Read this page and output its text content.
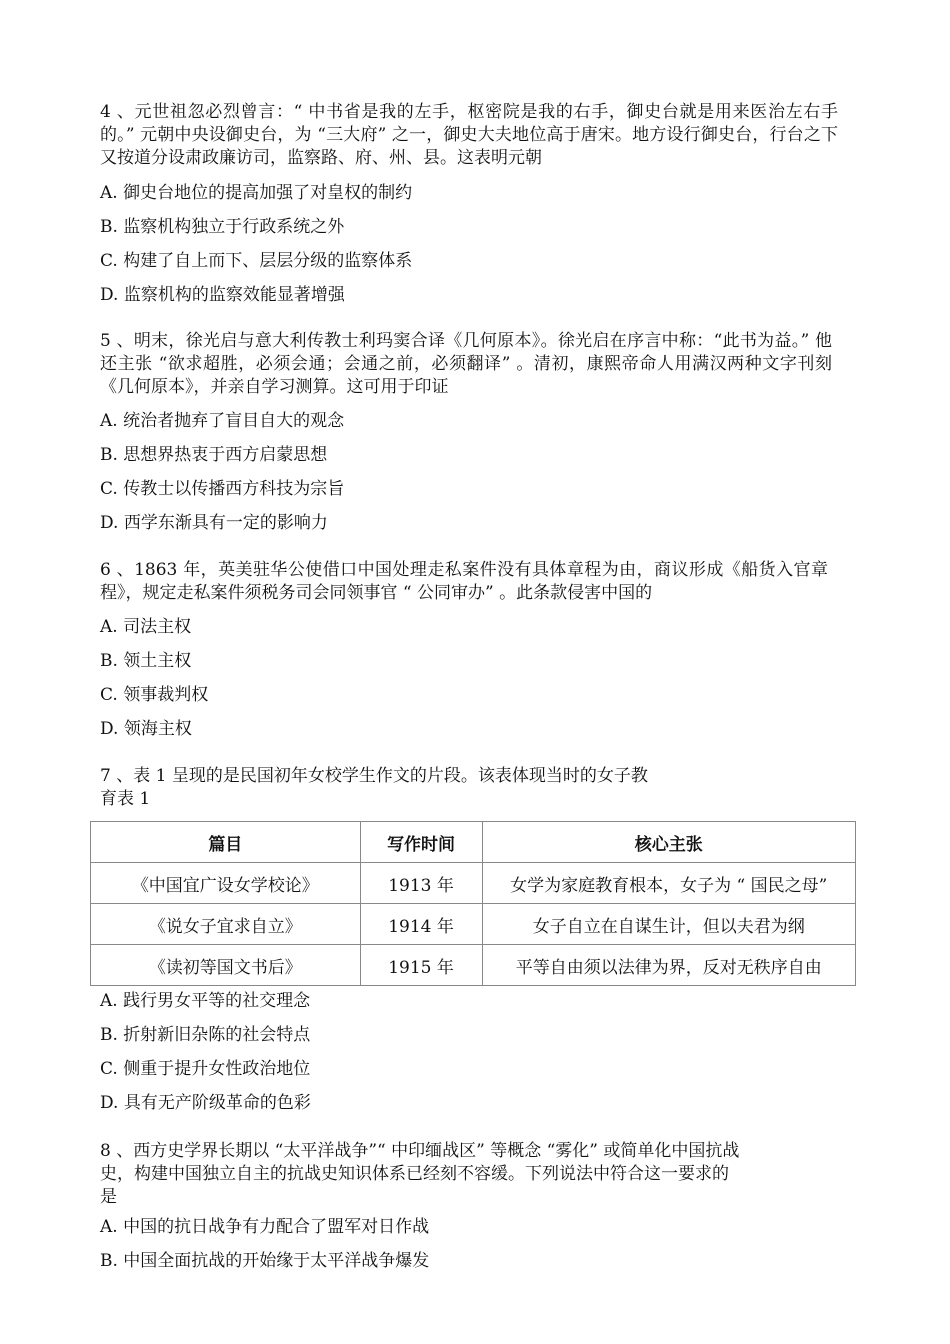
4 、元世祖忽必烈曾言：“ 中书省是我的左手，枢密院是我的右手，御史台就是用来医治左右手的。” 元朝中央设御史台，为 “三大府” 之一，御史大夫地位高于唐宋。地方设行御史台，行台之下又按道分设肃政廉访司，监察路、府、州、县。这表明元朝

A. 御史台地位的提高加强了对皇权的制约

B. 监察机构独立于行政系统之外

C. 构建了自上而下、层层分级的监察体系

D. 监察机构的监察效能显著增强

5 、明末，徐光启与意大利传教士利玛窦合译《几何原本》。徐光启在序言中称：“此书为益。” 他还主张 “欲求超胜，必须会通；会通之前，必须翻译” 。清初，康熙帝命人用满汉两种文字刊刻《几何原本》，并亲自学习测算。这可用于印证

A. 统治者抛弃了盲目自大的观念

B. 思想界热衷于西方启蒙思想

C. 传教士以传播西方科技为宗旨

D. 西学东渐具有一定的影响力

6 、1863 年，英美驻华公使借口中国处理走私案件没有具体章程为由，商议形成《船货入官章程》，规定走私案件须税务司会同领事官 “ 公同审办” 。此条款侵害中国的

A. 司法主权

B. 领土主权

C. 领事裁判权

D. 领海主权

7 、表 1 呈现的是民国初年女校学生作文的片段。该表体现当时的女子教

育表 1

篇目	写作时间	核心主张
《中国宜广设女学校论》	1913 年	女学为家庭教育根本，女子为 “ 国民之母”
《说女子宜求自立》	1914 年	女子自立在自谋生计，但以夫君为纲
《读初等国文书后》	1915 年	平等自由须以法律为界，反对无秩序自由

A. 践行男女平等的社交理念

B. 折射新旧杂陈的社会特点

C. 侧重于提升女性政治地位

D. 具有无产阶级革命的色彩

8 、西方史学界长期以 “太平洋战争”“ 中印缅战区” 等概念 “雾化” 或简单化中国抗战

史，构建中国独立自主的抗战史知识体系已经刻不容缓。下列说法中符合这一要求的

是

A. 中国的抗日战争有力配合了盟军对日作战

B. 中国全面抗战的开始缘于太平洋战争爆发
